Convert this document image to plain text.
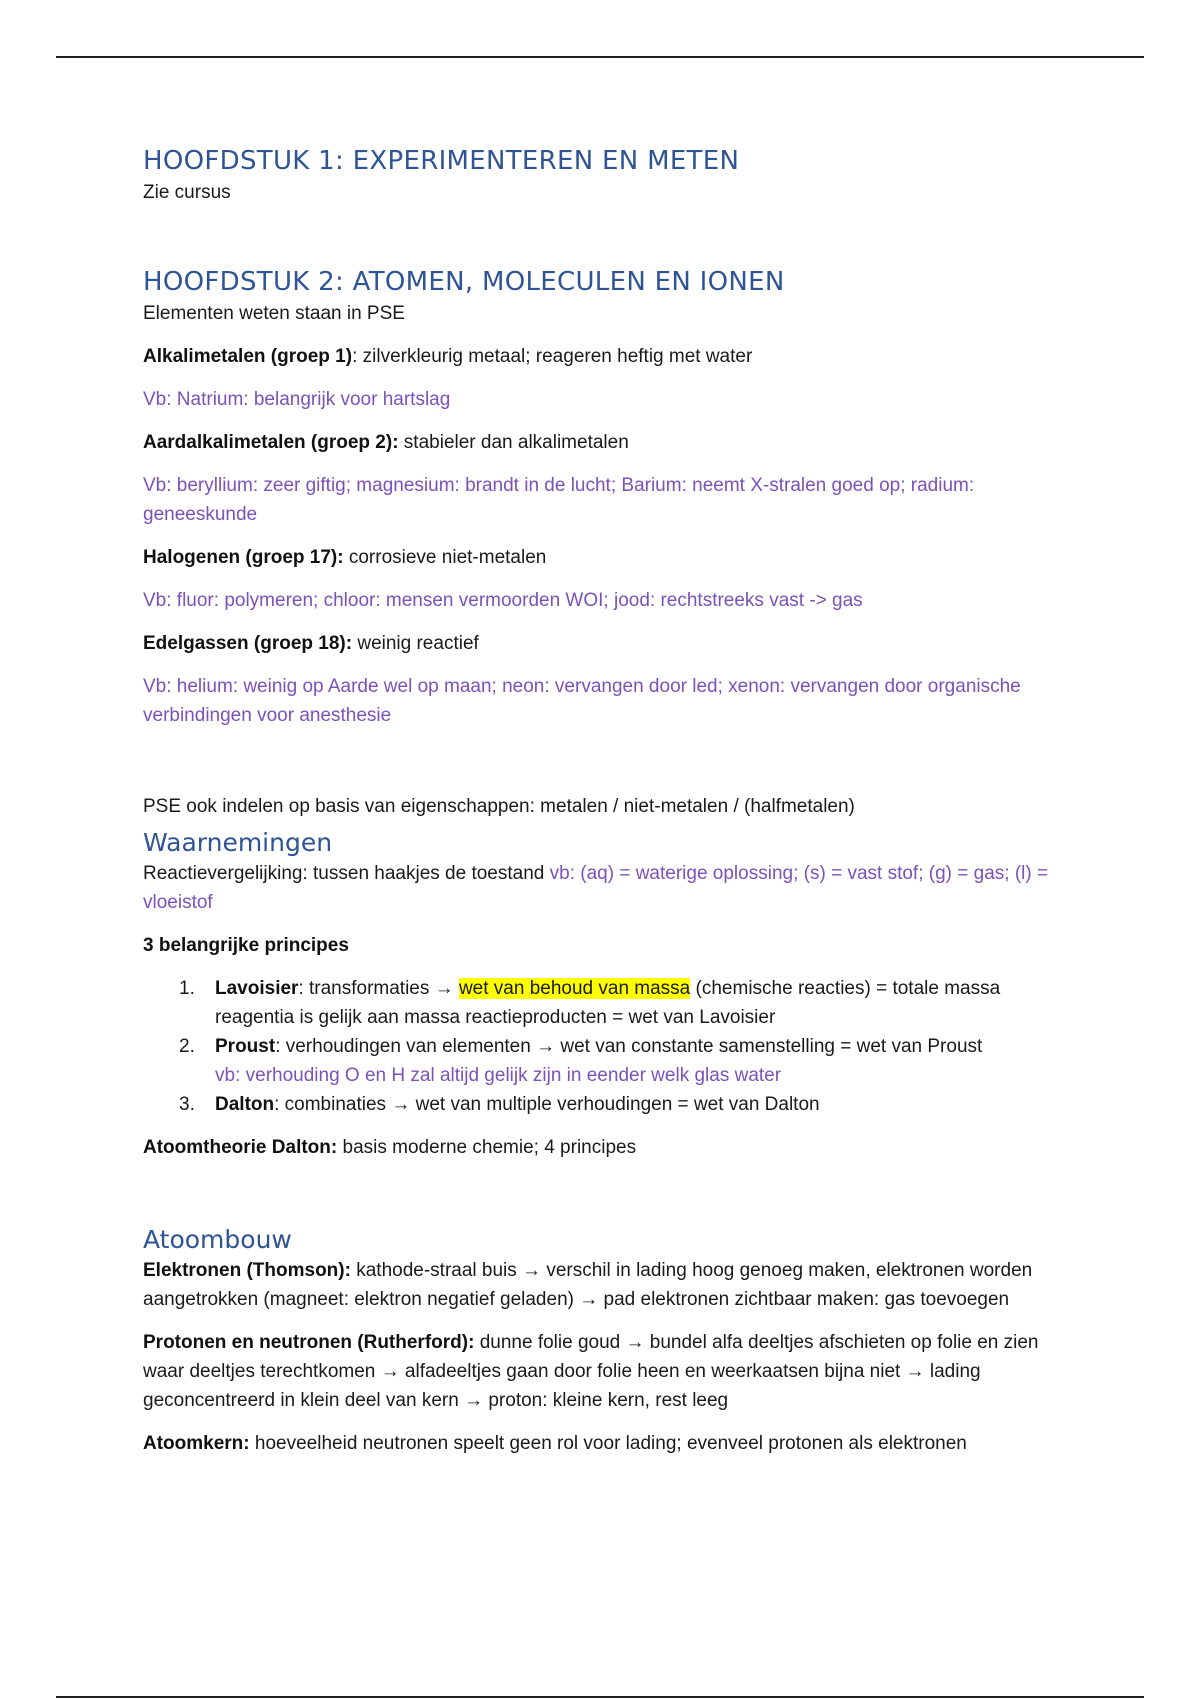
HOOFDSTUK 1: EXPERIMENTEREN EN METEN

Zie cursus

HOOFDSTUK 2: ATOMEN, MOLECULEN EN IONEN

Elementen weten staan in PSE

Alkalimetalen (groep 1): zilverkleurig metaal; reageren heftig met water

Vb: Natrium: belangrijk voor hartslag

Aardalkalimetalen (groep 2): stabieler dan alkalimetalen

Vb: beryllium: zeer giftig; magnesium: brandt in de lucht; Barium: neemt X-stralen goed op; radium: geneeskunde

Halogenen (groep 17): corrosieve niet-metalen

Vb: fluor: polymeren; chloor: mensen vermoorden WOI; jood: rechtstreeks vast -> gas

Edelgassen (groep 18): weinig reactief

Vb: helium: weinig op Aarde wel op maan; neon: vervangen door led; xenon: vervangen door organische verbindingen voor anesthesie

PSE ook indelen op basis van eigenschappen: metalen / niet-metalen / (halfmetalen)

Waarnemingen

Reactievergelijking: tussen haakjes de toestand vb: (aq) = waterige oplossing; (s) = vast stof; (g) = gas; (l) = vloeistof

3 belangrijke principes

1. Lavoisier: transformaties → wet van behoud van massa (chemische reacties) = totale massa reagentia is gelijk aan massa reactieproducten = wet van Lavoisier
2. Proust: verhoudingen van elementen → wet van constante samenstelling = wet van Proust
vb: verhouding O en H zal altijd gelijk zijn in eender welk glas water
3. Dalton: combinaties → wet van multiple verhoudingen = wet van Dalton

Atoomtheorie Dalton: basis moderne chemie; 4 principes

Atoombouw

Elektronen (Thomson): kathode-straal buis → verschil in lading hoog genoeg maken, elektronen worden aangetrokken (magneet: elektron negatief geladen) → pad elektronen zichtbaar maken: gas toevoegen

Protonen en neutronen (Rutherford): dunne folie goud → bundel alfa deeltjes afschieten op folie en zien waar deeltjes terechtkomen → alfadeeltjes gaan door folie heen en weerkaatsen bijna niet → lading geconcentreerd in klein deel van kern → proton: kleine kern, rest leeg

Atoomkern: hoeveelheid neutronen speelt geen rol voor lading; evenveel protonen als elektronen
